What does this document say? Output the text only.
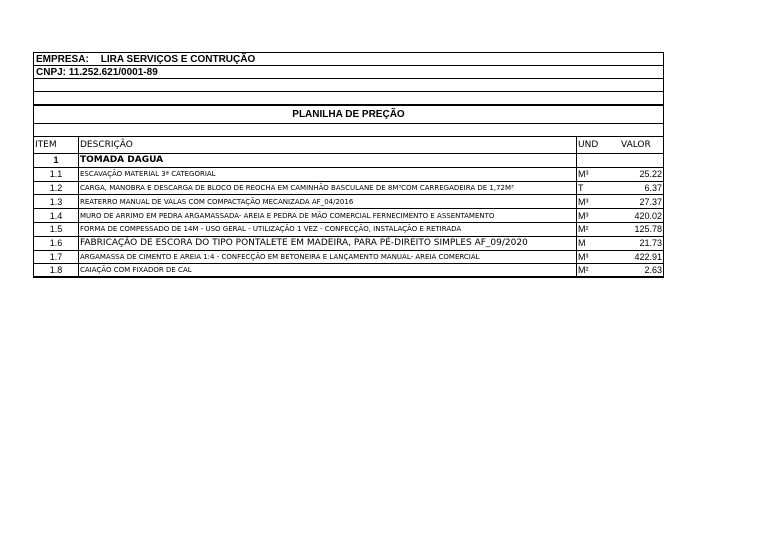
EMPRESA: LIRA SERVIÇOS E CONTRUÇÃO
CNPJ: 11.252.621/0001-89
PLANILHA DE PREÇÃO
ITEM	DESCRIÇÃO	UND	VALOR
1	TOMADA DAGUA
1.1	ESCAVAÇÃO MATERIAL 3ª CATEGORIAL	M³	25.22
1.2	CARGA, MANOBRA E DESCARGA DE BLOCO DE REOCHA EM CAMINHÃO BASCULANE DE 8M³COM CARREGADEIRA DE 1,72M³	T	6.37
1.3	REATERRO MANUAL DE VALAS COM COMPACTAÇÃO MECANIZADA AF_04/2016	M³	27.37
1.4	MURO DE ARRIMO EM PEDRA ARGAMASSADA- AREIA E PEDRA DE MÃO COMERCIAL FERNECIMENTO E ASSENTAMENTO	M³	420.02
1.5	FORMA DE COMPESSADO DE 14M - USO GERAL - UTILIZAÇÃO 1 VEZ - CONFECÇÃO, INSTALAÇÃO E RETIRADA	M²	125.78
1.6	FABRICAÇÃO DE ESCORA DO TIPO PONTALETE EM MADEIRA, PARA PÉ-DIREITO SIMPLES AF_09/2020	M	21.73
1.7	ARGAMASSA DE CIMENTO E AREIA 1:4 - CONFECÇÃO EM BETONEIRA E LANÇAMENTO MANUAL- AREIA COMERCIAL	M³	422.91
1.8	CAIAÇÃO COM FIXADOR DE CAL	M²	2.63
